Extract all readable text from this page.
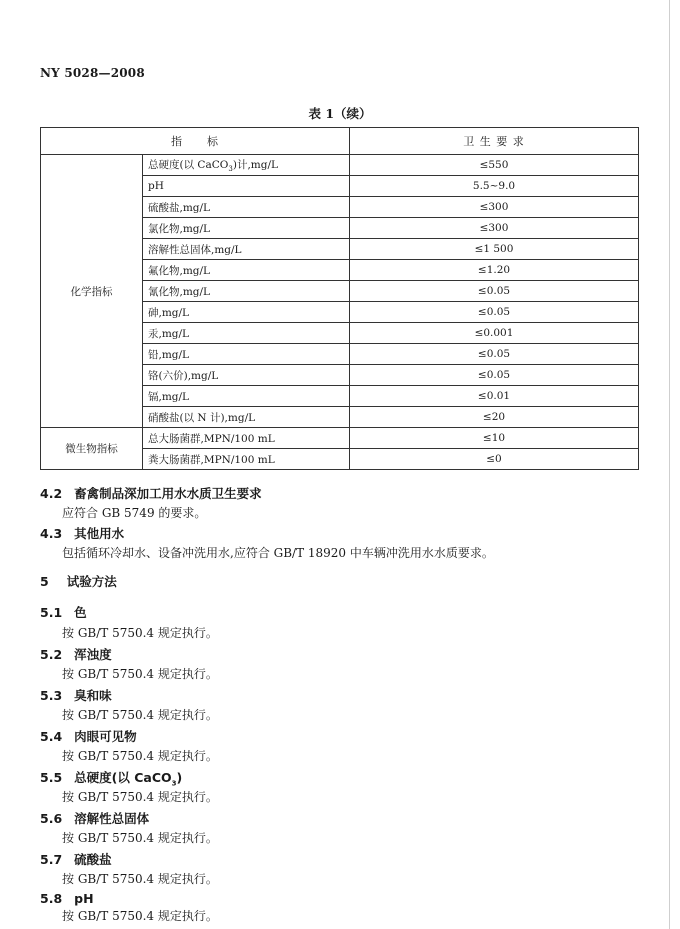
NY 5028—2008
表 1（续）
指　　标		卫 生 要 求
化学指标	总硬度(以 CaCO$_3$)计,mg/L	≤550
	pH	5.5~9.0
	硫酸盐,mg/L	≤300
	氯化物,mg/L	≤300
	溶解性总固体,mg/L	≤1 500
	氟化物,mg/L	≤1.20
	氰化物,mg/L	≤0.05
	砷,mg/L	≤0.05
	汞,mg/L	≤0.001
	铅,mg/L	≤0.05
	铬(六价),mg/L	≤0.05
	镉,mg/L	≤0.01
	硝酸盐(以 N 计),mg/L	≤20
微生物指标	总大肠菌群,MPN/100 mL	≤10
	粪大肠菌群,MPN/100 mL	≤0
4.2 畜禽制品深加工用水水质卫生要求
应符合 GB 5749 的要求。
4.3 其他用水
包括循环冷却水、设备冲洗用水,应符合 GB/T 18920 中车辆冲洗用水水质要求。
5 试验方法
5.1 色
按 GB/T 5750.4 规定执行。
5.2 浑浊度
按 GB/T 5750.4 规定执行。
5.3 臭和味
按 GB/T 5750.4 规定执行。
5.4 肉眼可见物
按 GB/T 5750.4 规定执行。
5.5 总硬度(以 CaCO$_3$)
按 GB/T 5750.4 规定执行。
5.6 溶解性总固体
按 GB/T 5750.4 规定执行。
5.7 硫酸盐
按 GB/T 5750.4 规定执行。
5.8 pH
按 GB/T 5750.4 规定执行。
